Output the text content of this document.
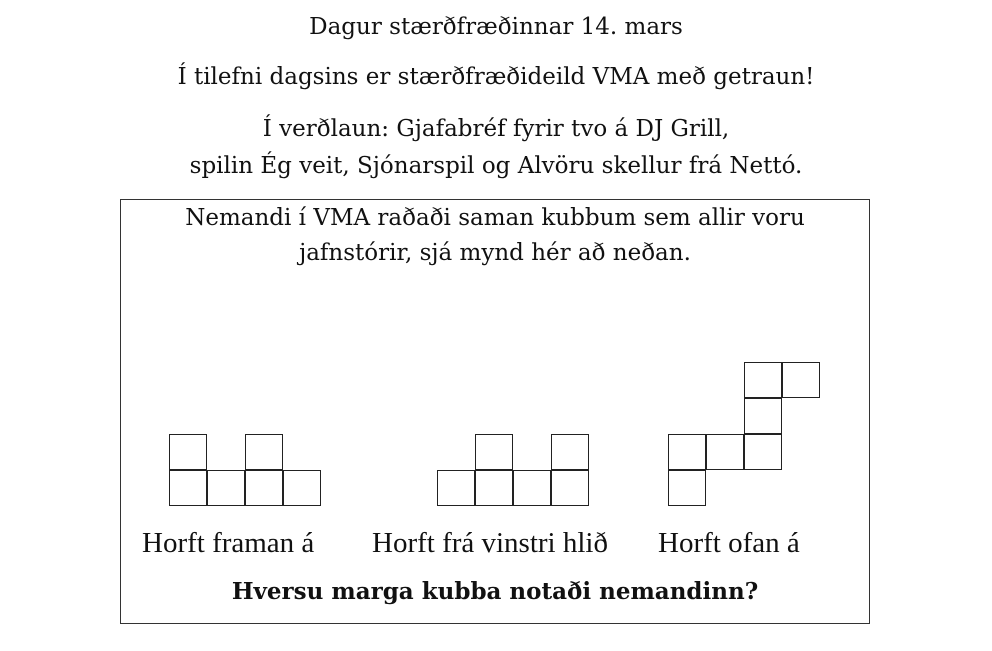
Dagur stærðfræðinnar 14. mars
Í tilefni dagsins er stærðfræðideild VMA með getraun!
Í verðlaun: Gjafabréf fyrir tvo á DJ Grill,
spilin Ég veit, Sjónarspil og Alvöru skellur frá Nettó.
Nemandi í VMA raðaði saman kubbum sem allir voru
jafnstórir, sjá mynd hér að neðan.
Horft framan á Horft frá vinstri hlið Horft ofan á
Hversu marga kubba notaði nemandinn?
